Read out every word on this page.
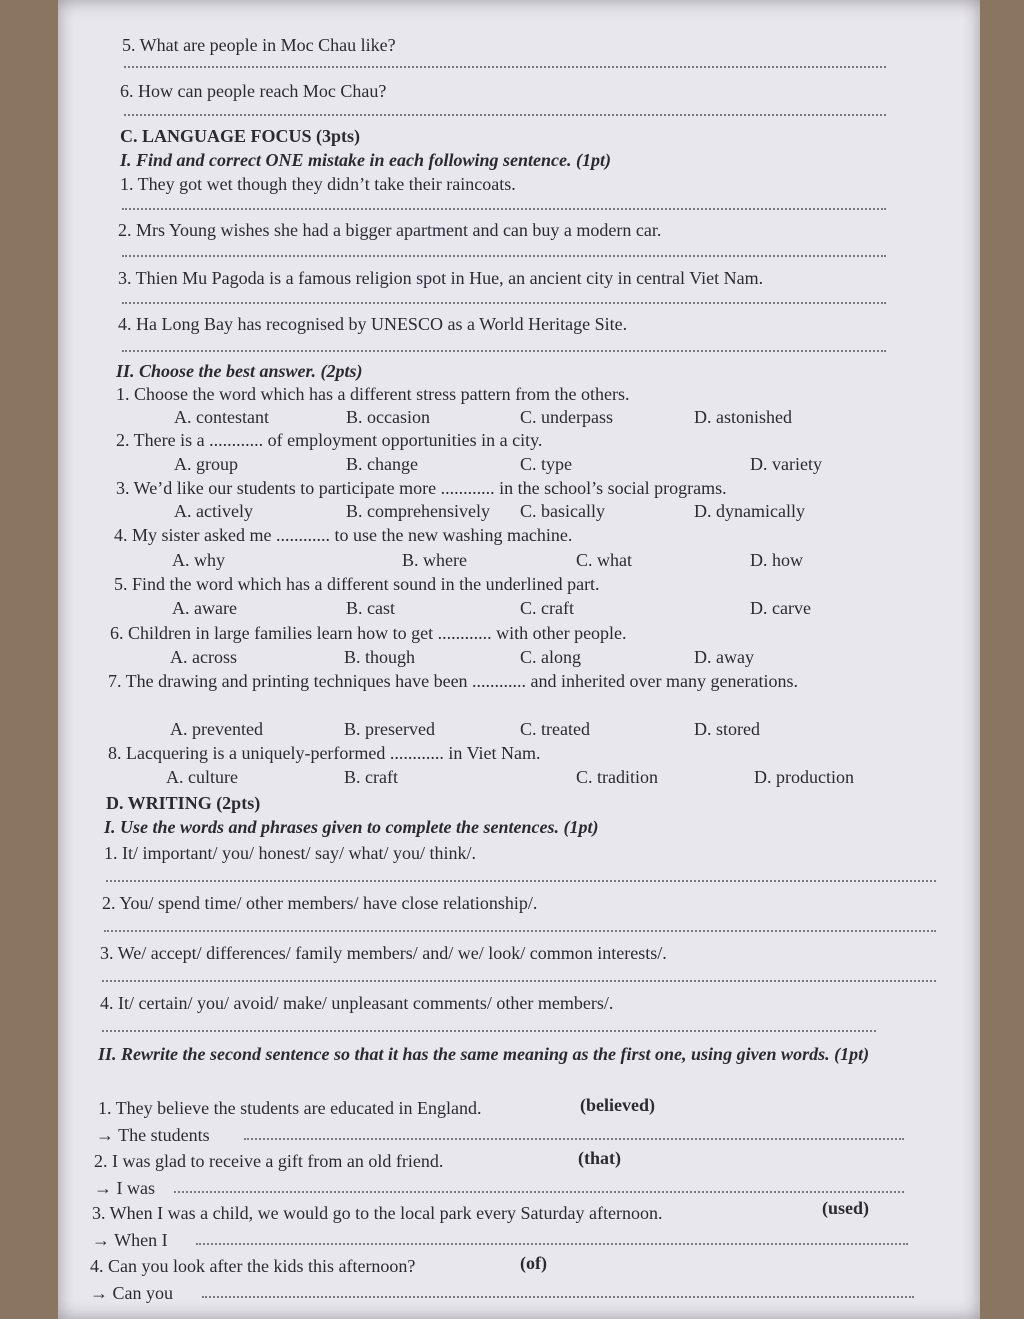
5. What are people in Moc Chau like?
6. How can people reach Moc Chau?
C. LANGUAGE FOCUS (3pts)
I. Find and correct ONE mistake in each following sentence. (1pt)
1. They got wet though they didn’t take their raincoats.
2. Mrs Young wishes she had a bigger apartment and can buy a modern car.
3. Thien Mu Pagoda is a famous religion spot in Hue, an ancient city in central Viet Nam.
4. Ha Long Bay has recognised by UNESCO as a World Heritage Site.
II. Choose the best answer. (2pts)
1. Choose the word which has a different stress pattern from the others.
A. contestant	B. occasion	C. underpass	D. astonished
2. There is a ............ of employment opportunities in a city.
A. group	B. change	C. type	D. variety
3. We’d like our students to participate more ............ in the school’s social programs.
A. actively	B. comprehensively C. basically	D. dynamically
4. My sister asked me ............ to use the new washing machine.
A. why	B. where	C. what	D. how
5. Find the word which has a different sound in the underlined part.
A. aware	B. cast	C. craft	D. carve
6. Children in large families learn how to get ............ with other people.
A. across	B. though	C. along	D. away
7. The drawing and printing techniques have been ............ and inherited over many generations.
A. prevented	B. preserved	C. treated	D. stored
8. Lacquering is a uniquely-performed ............ in Viet Nam.
A. culture	B. craft	C. tradition	D. production
D. WRITING (2pts)
I. Use the words and phrases given to complete the sentences. (1pt)
1. It/ important/ you/ honest/ say/ what/ you/ think/.
2. You/ spend time/ other members/ have close relationship/.
3. We/ accept/ differences/ family members/ and/ we/ look/ common interests/.
4. It/ certain/ you/ avoid/ make/ unpleasant comments/ other members/.
II. Rewrite the second sentence so that it has the same meaning as the first one, using given words. (1pt)
1. They believe the students are educated in England.	(believed)
→ The students
2. I was glad to receive a gift from an old friend.	(that)
→ I was
3. When I was a child, we would go to the local park every Saturday afternoon.	(used)
→ When I
4. Can you look after the kids this afternoon?	(of)
→ Can you
